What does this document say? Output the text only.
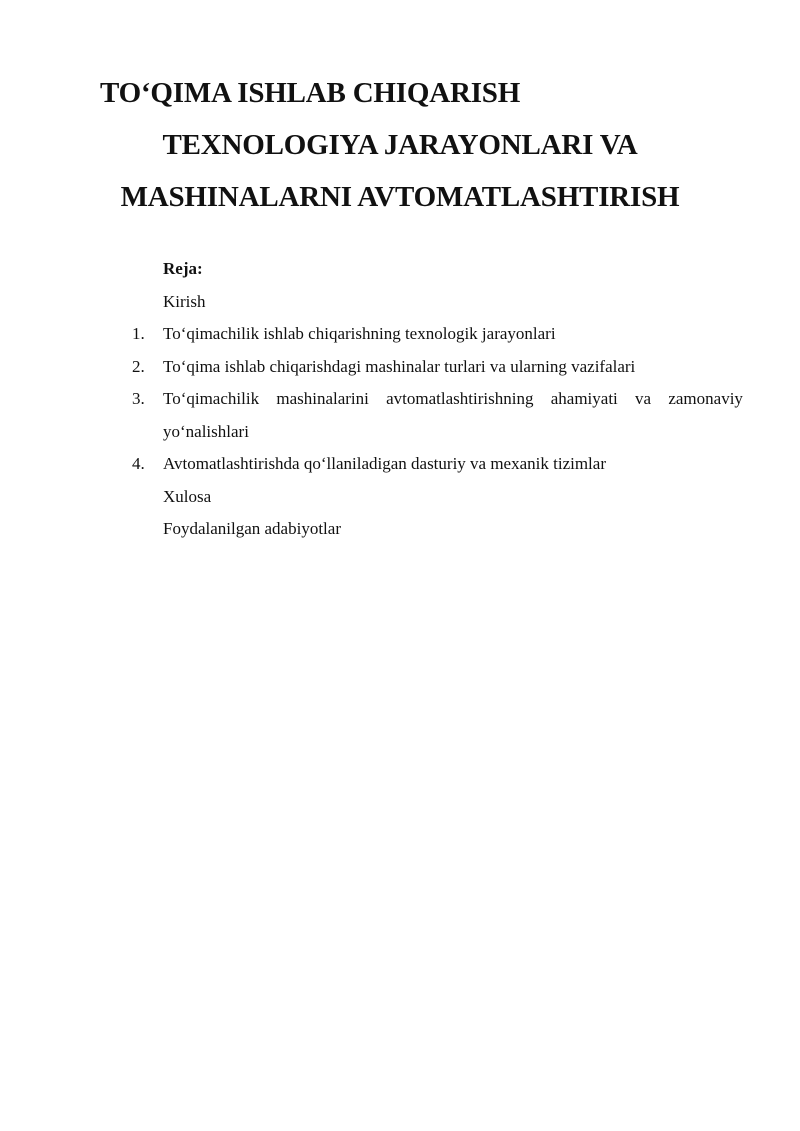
TO‘QIMA ISHLAB CHIQARISH
TEXNOLOGIYA JARAYONLARI VA
MASHINALARNI AVTOMATLASHTIRISH
Reja:
Kirish
1. To‘qimachilik ishlab chiqarishning texnologik jarayonlari
2. To‘qima ishlab chiqarishdagi mashinalar turlari va ularning vazifalari
3. To‘qimachilik mashinalarini avtomatlashtirishning ahamiyati va zamonaviy
yo‘nalishlari
4. Avtomatlashtirishda qo‘llaniladigan dasturiy va mexanik tizimlar
Xulosa
Foydalanilgan adabiyotlar
